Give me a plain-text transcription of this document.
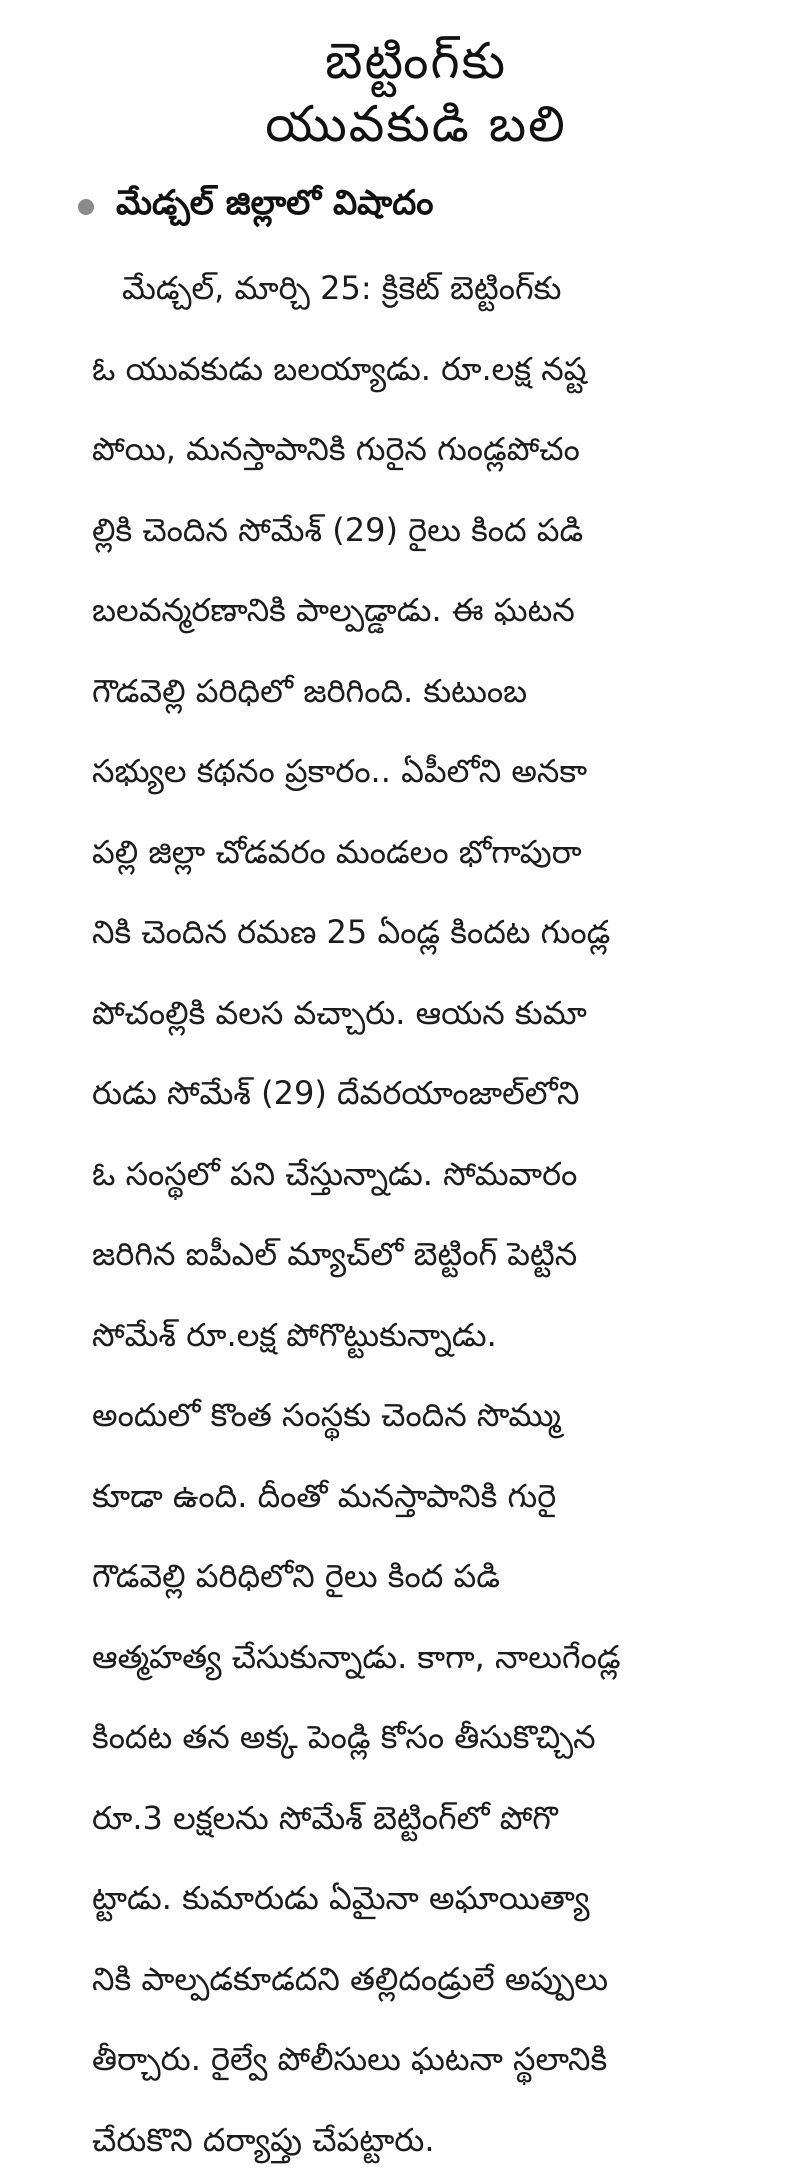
బెట్టింగ్‌కు
యువకుడి బలి
మేడ్చల్ జిల్లాలో విషాదం
మేడ్చల్, మార్చి 25: క్రికెట్ బెట్టింగ్‌కు
ఓ యువకుడు బలయ్యాడు. రూ.లక్ష నష్ట
పోయి, మనస్తాపానికి గురైన గుండ్లపోచం
ల్లికి చెందిన సోమేశ్ (29) రైలు కింద పడి
బలవన్మరణానికి పాల్పడ్డాడు. ఈ ఘటన
గౌడవెల్లి పరిధిలో జరిగింది. కుటుంబ
సభ్యుల కథనం ప్రకారం.. ఏపీలోని అనకా
పల్లి జిల్లా చోడవరం మండలం భోగాపురా
నికి చెందిన రమణ 25 ఏండ్ల కిందట గుండ్ల
పోచంల్లికి వలస వచ్చారు. ఆయన కుమా
రుడు సోమేశ్ (29) దేవరయాంజాల్‌లోని
ఓ సంస్థలో పని చేస్తున్నాడు. సోమవారం
జరిగిన ఐపీఎల్ మ్యాచ్‌లో బెట్టింగ్ పెట్టిన
సోమేశ్ రూ.లక్ష పోగొట్టుకున్నాడు.
అందులో కొంత సంస్థకు చెందిన సొమ్ము
కూడా ఉంది. దీంతో మనస్తాపానికి గురై
గౌడవెల్లి పరిధిలోని రైలు కింద పడి
ఆత్మహత్య చేసుకున్నాడు. కాగా, నాలుగేండ్ల
కిందట తన అక్క పెండ్లి కోసం తీసుకొచ్చిన
రూ.3 లక్షలను సోమేశ్ బెట్టింగ్‌లో పోగొ
ట్టాడు. కుమారుడు ఏమైనా అఘాయిత్యా
నికి పాల్పడకూడదని తల్లిదండ్రులే అప్పులు
తీర్చారు. రైల్వే పోలీసులు ఘటనా స్థలానికి
చేరుకొని దర్యాప్తు చేపట్టారు.
